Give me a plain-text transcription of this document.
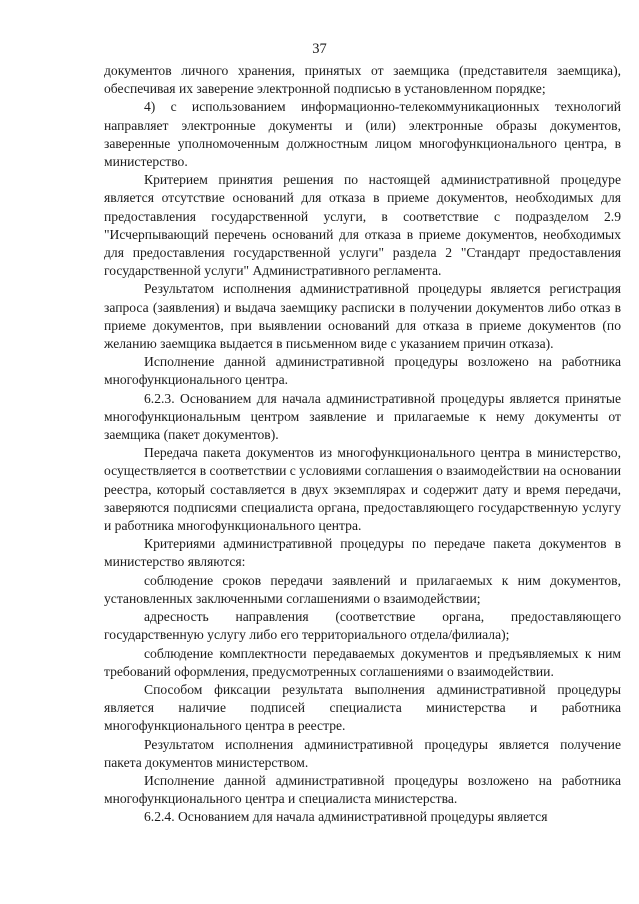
37

документов личного хранения, принятых от заемщика (представителя заемщика), обеспечивая их заверение электронной подписью в установленном порядке;

4) с использованием информационно-телекоммуникационных технологий направляет электронные документы и (или) электронные образы документов, заверенные уполномоченным должностным лицом многофункционального центра, в министерство.

Критерием принятия решения по настоящей административной процедуре является отсутствие оснований для отказа в приеме документов, необходимых для предоставления государственной услуги, в соответствие с подразделом 2.9 "Исчерпывающий перечень оснований для отказа в приеме документов, необходимых для предоставления государственной услуги" раздела 2 "Стандарт предоставления государственной услуги" Административного регламента.

Результатом исполнения административной процедуры является регистрация запроса (заявления) и выдача заемщику расписки в получении документов либо отказ в приеме документов, при выявлении оснований для отказа в приеме документов (по желанию заемщика выдается в письменном виде с указанием причин отказа).

Исполнение данной административной процедуры возложено на работника многофункционального центра.

6.2.3. Основанием для начала административной процедуры является принятые многофункциональным центром заявление и прилагаемые к нему документы от заемщика (пакет документов).

Передача пакета документов из многофункционального центра в министерство, осуществляется в соответствии с условиями соглашения о взаимодействии на основании реестра, который составляется в двух экземплярах и содержит дату и время передачи, заверяются подписями специалиста органа, предоставляющего государственную услугу и работника многофункционального центра.

Критериями административной процедуры по передаче пакета документов в министерство являются:

соблюдение сроков передачи заявлений и прилагаемых к ним документов, установленных заключенными соглашениями о взаимодействии;

адресность направления (соответствие органа, предоставляющего государственную услугу либо его территориального отдела/филиала);

соблюдение комплектности передаваемых документов и предъявляемых к ним требований оформления, предусмотренных соглашениями о взаимодействии.

Способом фиксации результата выполнения административной процедуры является наличие подписей специалиста министерства и работника многофункционального центра в реестре.

Результатом исполнения административной процедуры является получение пакета документов министерством.

Исполнение данной административной процедуры возложено на работника многофункционального центра и специалиста министерства.

6.2.4. Основанием для начала административной процедуры является
